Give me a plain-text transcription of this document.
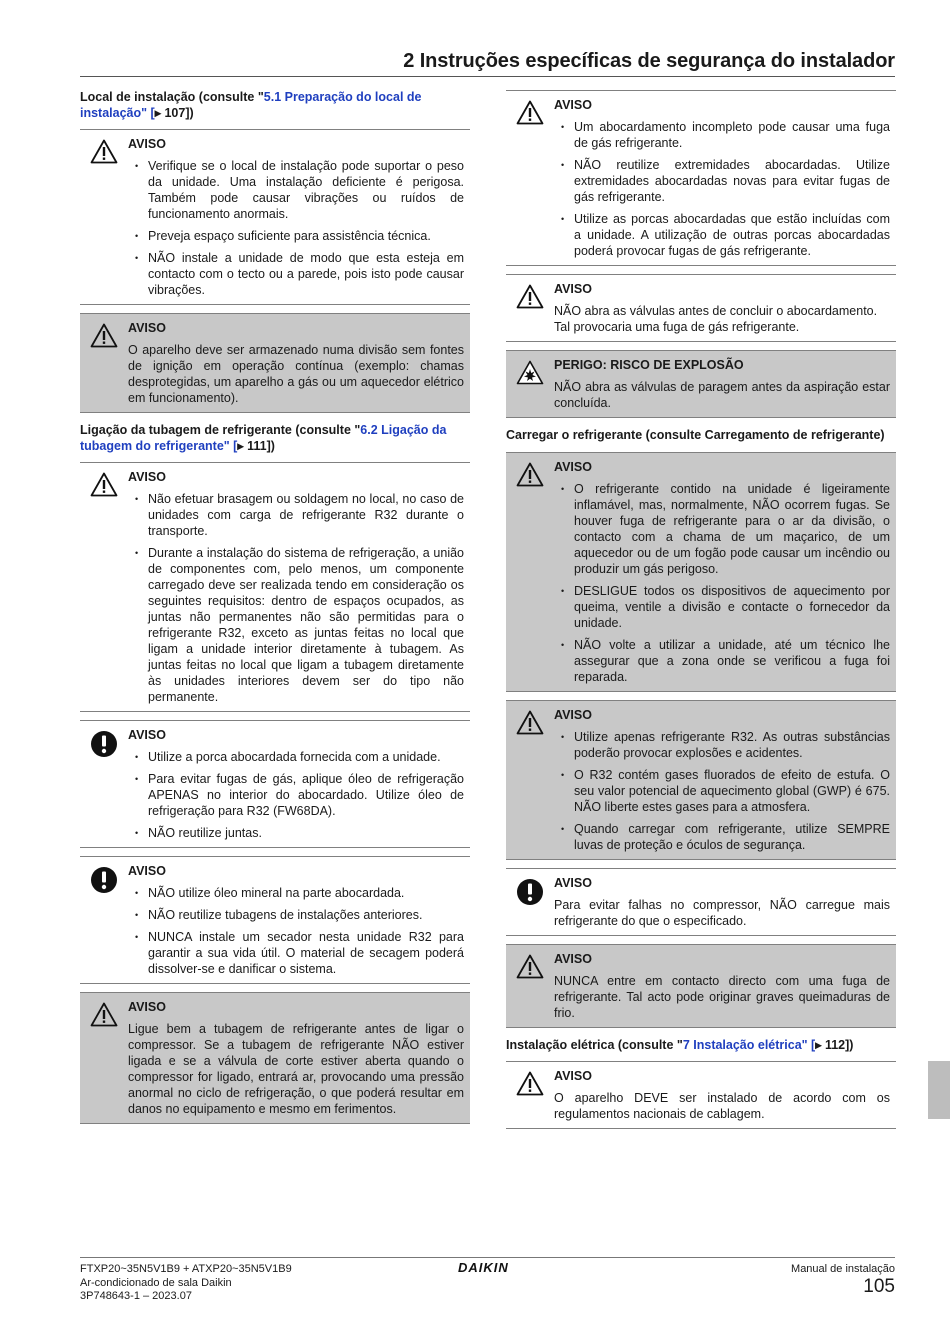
2 Instruções específicas de segurança do instalador
Local de instalação (consulte "5.1 Preparação do local de instalação" [▸ 107])
AVISO
• Verifique se o local de instalação pode suportar o peso da unidade. Uma instalação deficiente é perigosa. Também pode causar vibrações ou ruídos de funcionamento anormais.
• Preveja espaço suficiente para assistência técnica.
• NÃO instale a unidade de modo que esta esteja em contacto com o tecto ou a parede, pois isto pode causar vibrações.
AVISO

O aparelho deve ser armazenado numa divisão sem fontes de ignição em operação contínua (exemplo: chamas desprotegidas, um aparelho a gás ou um aquecedor elétrico em funcionamento).

Ligação da tubagem de refrigerante (consulte "6.2 Ligação da tubagem do refrigerante" [▸ 111])
AVISO
• Não efetuar brasagem ou soldagem no local, no caso de unidades com carga de refrigerante R32 durante o transporte.
• Durante a instalação do sistema de refrigeração, a união de componentes com, pelo menos, um componente carregado deve ser realizada tendo em consideração os seguintes requisitos: dentro de espaços ocupados, as juntas não permanentes não são permitidas para o refrigerante R32, exceto as juntas feitas no local que ligam a unidade interior diretamente à tubagem. As juntas feitas no local que ligam a tubagem diretamente às unidades interiores devem ser do tipo não permanente.
AVISO
• Utilize a porca abocardada fornecida com a unidade.
• Para evitar fugas de gás, aplique óleo de refrigeração APENAS no interior do abocardado. Utilize óleo de refrigeração para R32 (FW68DA).
• NÃO reutilize juntas.
AVISO
• NÃO utilize óleo mineral na parte abocardada.
• NÃO reutilize tubagens de instalações anteriores.
• NUNCA instale um secador nesta unidade R32 para garantir a sua vida útil. O material de secagem poderá dissolver-se e danificar o sistema.
AVISO

Ligue bem a tubagem de refrigerante antes de ligar o compressor. Se a tubagem de refrigerante NÃO estiver ligada e se a válvula de corte estiver aberta quando o compressor for ligado, entrará ar, provocando uma pressão anormal no ciclo de refrigeração, o que poderá resultar em danos no equipamento e mesmo em ferimentos.

AVISO
• Um abocardamento incompleto pode causar uma fuga de gás refrigerante.
• NÃO reutilize extremidades abocardadas. Utilize extremidades abocardadas novas para evitar fugas de gás refrigerante.
• Utilize as porcas abocardadas que estão incluídas com a unidade. A utilização de outras porcas abocardadas poderá provocar fugas de gás refrigerante.
AVISO

NÃO abra as válvulas antes de concluir o abocardamento. Tal provocaria uma fuga de gás refrigerante.

PERIGO: RISCO DE EXPLOSÃO

NÃO abra as válvulas de paragem antes da aspiração estar concluída.

Carregar o refrigerante (consulte Carregamento de refrigerante)
AVISO
• O refrigerante contido na unidade é ligeiramente inflamável, mas, normalmente, NÃO ocorrem fugas. Se houver fuga de refrigerante para o ar da divisão, o contacto com a chama de um maçarico, de um aquecedor ou de um fogão pode causar um incêndio ou produzir um gás perigoso.
• DESLIGUE todos os dispositivos de aquecimento por queima, ventile a divisão e contacte o fornecedor da unidade.
• NÃO volte a utilizar a unidade, até um técnico lhe assegurar que a zona onde se verificou a fuga foi reparada.
AVISO
• Utilize apenas refrigerante R32. As outras substâncias poderão provocar explosões e acidentes.
• O R32 contém gases fluorados de efeito de estufa. O seu valor potencial de aquecimento global (GWP) é 675. NÃO liberte estes gases para a atmosfera.
• Quando carregar com refrigerante, utilize SEMPRE luvas de proteção e óculos de segurança.
AVISO

Para evitar falhas no compressor, NÃO carregue mais refrigerante do que o especificado.

AVISO

NUNCA entre em contacto directo com uma fuga de refrigerante. Tal acto pode originar graves queimaduras de frio.

Instalação elétrica (consulte "7 Instalação elétrica" [▸ 112])
AVISO

O aparelho DEVE ser instalado de acordo com os regulamentos nacionais de cablagem.

FTXP20~35N5V1B9 + ATXP20~35N5V1B9
Ar-condicionado de sala Daikin
3P748643-1 – 2023.07
DAIKIN	Manual de instalação
105
